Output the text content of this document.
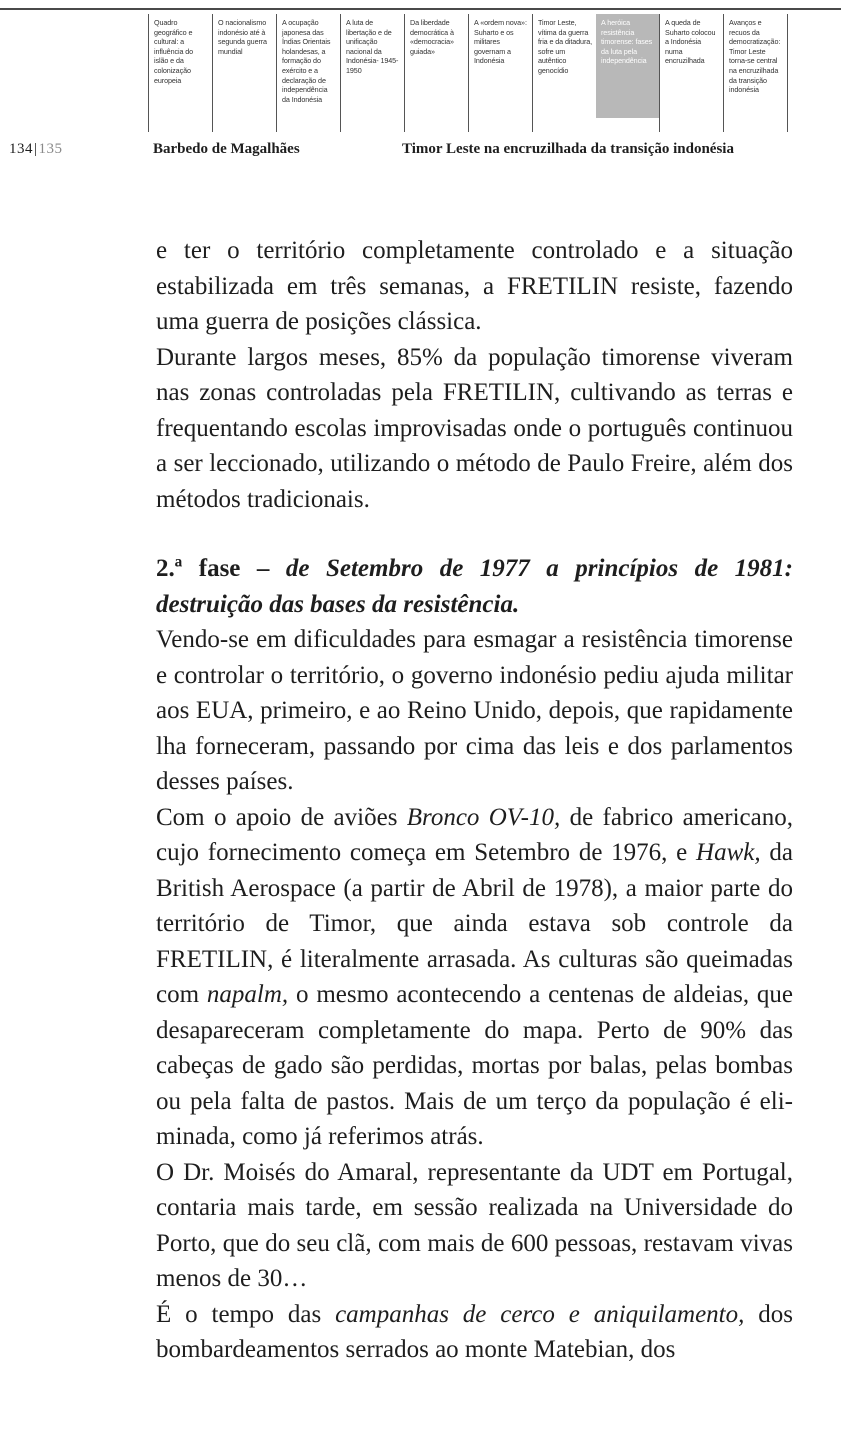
Quadro geográfico e cultural: a influência do islão e da colonização europeia
O nacionalismo indonésio até à segunda guerra mundial
A ocupação japonesa das Índias Orientais holandesas, a formação do exército e a declaração de independência da Indonésia
A luta de libertação e de unificação nacional da Indonésia- 1945-1950
Da liberdade democrática à «democracia» guiada»
A «ordem nova»: Suharto e os militares governam a Indonésia
Timor Leste, vítima da guerra fria e da ditadura, sofre um autêntico genocídio
A heróica resistência timorense: fases da luta pela independência
A queda de Suharto colocou a Indonésia numa encruzilhada
Avanços e recuos da democratização: Timor Leste torna-se central na encruzilhada da transição indonésia
134|135	Barbedo de Magalhães	Timor Leste na encruzilhada da transição indonésia

e ter o território completamente controlado e a situação estabilizada em três semanas, a FRETILIN resiste, fazendo uma guerra de posições clássica.

Durante largos meses, 85% da população timorense viveram nas zonas controladas pela FRETILIN, cultivando as terras e frequentando escolas improvisadas onde o português continuou a ser leccionado, utilizando o método de Paulo Freire, além dos métodos tradicionais.

2.ª fase – de Setembro de 1977 a princípios de 1981: destruição das bases da resistência.

Vendo-se em dificuldades para esmagar a resistência timorense e controlar o território, o governo indonésio pediu ajuda militar aos EUA, primeiro, e ao Reino Unido, depois, que rapidamente lha forneceram, passando por cima das leis e dos parlamentos desses países.

Com o apoio de aviões Bronco OV-10, de fabrico americano, cujo fornecimento começa em Setembro de 1976, e Hawk, da British Aerospace (a partir de Abril de 1978), a maior parte do território de Timor, que ainda estava sob controle da FRETILIN, é literalmente arrasada. As culturas são queimadas com napalm, o mesmo acontecendo a centenas de aldeias, que desapareceram completamente do mapa. Perto de 90% das cabeças de gado são perdidas, mortas por balas, pelas bombas ou pela falta de pastos. Mais de um terço da população é eliminada, como já referimos atrás.

O Dr. Moisés do Amaral, representante da UDT em Portugal, contaria mais tarde, em sessão realizada na Universidade do Porto, que do seu clã, com mais de 600 pessoas, restavam vivas menos de 30…

É o tempo das campanhas de cerco e aniquilamento, dos bombardeamentos serrados ao monte Matebian, dos
